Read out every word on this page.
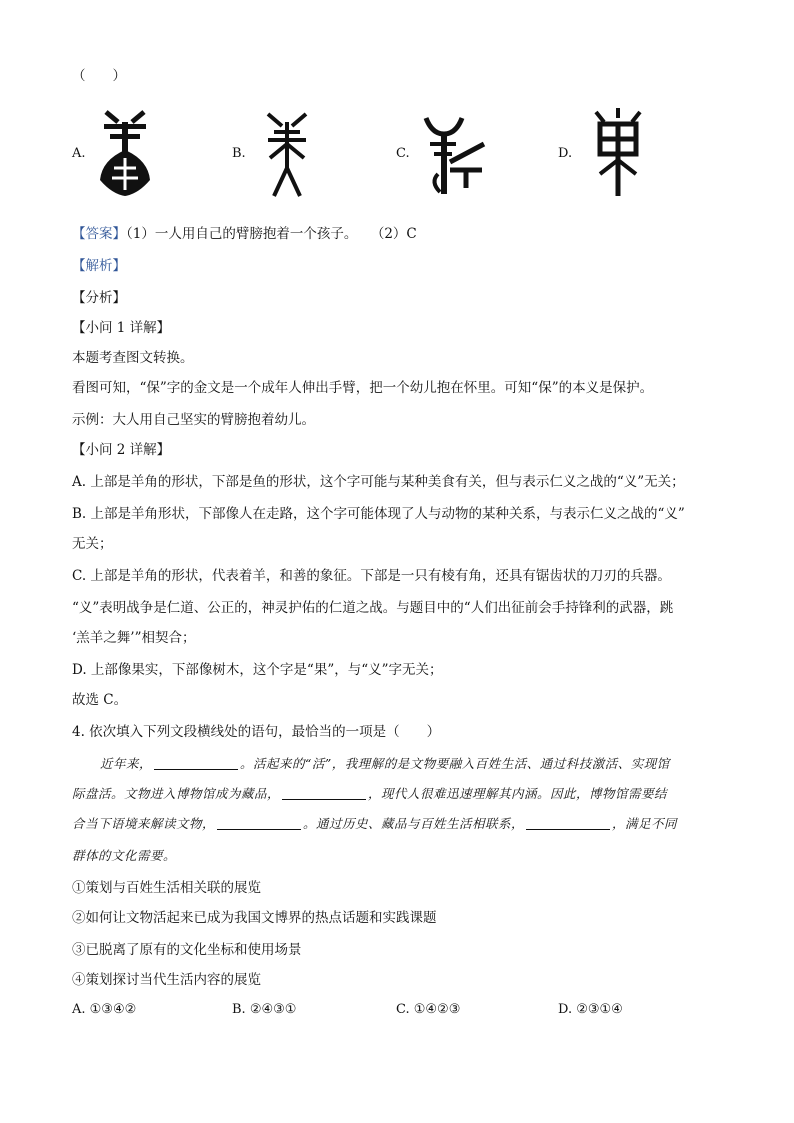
（　　）
A.	B.	C.	D.
【答案】（1）一人用自己的臂膀抱着一个孩子。　　（2）C
【解析】
【分析】
【小问 1 详解】
本题考查图文转换。
看图可知，“保”字的金文是一个成年人伸出手臂，把一个幼儿抱在怀里。可知“保”的本义是保护。
示例：大人用自己坚实的臂膀抱着幼儿。
【小问 2 详解】
A. 上部是羊角的形状，下部是鱼的形状，这个字可能与某种美食有关，但与表示仁义之战的“义”无关；
B. 上部是羊角形状，下部像人在走路，这个字可能体现了人与动物的某种关系，与表示仁义之战的“义”
无关；
C. 上部是羊角的形状，代表着羊，和善的象征。下部是一只有棱有角，还具有锯齿状的刀刃的兵器。
“义”表明战争是仁道、公正的，神灵护佑的仁道之战。与题目中的“人们出征前会手持锋利的武器，跳
‘羔羊之舞’”相契合；
D. 上部像果实，下部像树木，这个字是“果”，与“义”字无关；
故选 C。
4. 依次填入下列文段横线处的语句，最恰当的一项是（　　）
近年来，	。活起来的“活”，我理解的是文物要融入百姓生活、通过科技激活、实现馆
际盘活。文物进入博物馆成为藏品，	，现代人很难迅速理解其内涵。因此，博物馆需要结
合当下语境来解读文物，	。通过历史、藏品与百姓生活相联系，	，满足不同
群体的文化需要。
①策划与百姓生活相关联的展览
②如何让文物活起来已成为我国文博界的热点话题和实践课题
③已脱离了原有的文化坐标和使用场景
④策划探讨当代生活内容的展览
A. ①③④②	B. ②④③①	C. ①④②③	D. ②③①④
